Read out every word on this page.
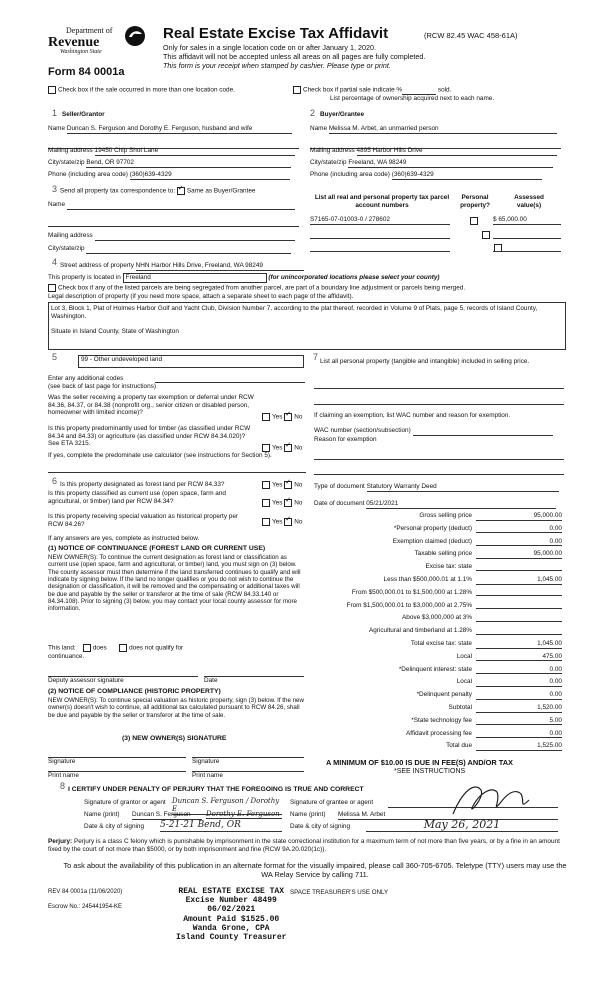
Department of
Revenue
Washington State
Form 84 0001a
Real Estate Excise Tax Affidavit	(RCW 82.45 WAC 458-61A)
Only for sales in a single location code on or after January 1, 2020.
This affidavit will not be accepted unless all areas on all pages are fully completed.
This form is your receipt when stamped by cashier. Please type or print.
Check box if the sale occurred in more than one location code.	Check box if partial sale indicate %	sold.
List percentage of ownership acquired next to each name.
1 Seller/Grantor
Name Duncan S. Ferguson and Dorothy E. Ferguson, husband and wife

Mailing address 19450 Chip Shot Lane
City/state/zip Bend, OR 97702
Phone (including area code) (360)639-4329
2 Buyer/Grantee
Name Melissa M. Arbet, an unmarried person

Mailing address 4895 Harbor Hills Drive
City/state/zip Freeland, WA 98249
Phone (including area code) (360)639-4329
3 Send all property tax correspondence to: ✓ Same as Buyer/Grantee
Name

Mailing address
City/state/zip
List all real and personal property tax parcel account numbers
Personal property?
Assessed value(s)
S7165-07-01003-0 / 278602
	$ 65,000.00

4 Street address of property NHN Harbor Hills Drive, Freeland, WA 98249
This property is located in Freeland	(for unincorporated locations please select your county)
Check box if any of the listed parcels are being segregated from another parcel, are part of a boundary line adjustment or parcels being merged.
Legal description of property (if you need more space, attach a separate sheet to each page of the affidavit).
Lot 3, Block 1, Plat of Holmes Harbor Golf and Yacht Club, Division Number 7, according to the plat thereof, recorded in Volume 9 of Plats, page 5, records of Island County, Washington.
Situate in Island County, State of Washington
5	99 - Other undeveloped land
Enter any additional codes

(see back of last page for instructions)
Was the seller receiving a property tax exemption or deferral under RCW 84.36, 84.37, or 84.38 (nonprofit org., senior citizen or disabled person, homeowner with limited income)?
Yes ✓ No
Is this property predominantly used for timber (as classified under RCW 84.34 and 84.33) or agriculture (as classified under RCW 84.34.020)? See ETA 3215.
Yes ✓ No
If yes, complete the predominate use calculator (see instructions for Section 5).
6 Is this property designated as forest land per RCW 84.33?	Yes ✓ No
Is this property classified as current use (open space, farm and agricultural, or timber) land per RCW 84.34?	Yes ✓ No
Is this property receiving special valuation as historical property per RCW 84.26?	Yes ✓ No
If any answers are yes, complete as instructed below.
(1) NOTICE OF CONTINUANCE (FOREST LAND OR CURRENT USE)
NEW OWNER(S): To continue the current designation as forest land or classification as current use (open space, farm and agricultural, or timber) land, you must sign on (3) below. The county assessor must then determine if the land transferred continues to qualify and will indicate by signing below. If the land no longer qualifies or you do not wish to continue the designation or classification, it will be removed and the compensating or additional taxes will be due and payable by the seller or transferor at the time of sale (RCW 84.33.140 or 84.34.108). Prior to signing (3) below, you may contact your local county assessor for more information.
This land:	does	does not qualify for
continuance.
Deputy assessor signature	Date
(2) NOTICE OF COMPLIANCE (HISTORIC PROPERTY)
NEW OWNER(S): To continue special valuation as historic property, sign (3) below. If the new owner(s) doesn't wish to continue, all additional tax calculated pursuant to RCW 84.26, shall be due and payable by the seller or transferor at the time of sale.
(3) NEW OWNER(S) SIGNATURE
Signature	Signature
Print name	Print name
7 List all personal property (tangible and intangible) included in selling price.

If claiming an exemption, list WAC number and reason for exemption.
WAC number (section/subsection)
Reason for exemption

Type of document Statutory Warranty Deed
Date of document 05/21/2021
Gross selling price	95,000.00
*Personal property (deduct)	0.00
Exemption claimed (deduct)	0.00
Taxable selling price	95,000.00
Excise tax: state
Less than $500,000.01 at 1.1%	1,045.00
From $500,000.01 to $1,500,000 at 1.28%
From $1,500,000.01 to $3,000,000 at 2.75%
Above $3,000,000 at 3%
Agricultural and timberland at 1.28%
Total excise tax: state	1,045.00
Local	475.00
*Delinquent interest: state	0.00
Local	0.00
*Delinquent penalty	0.00
Subtotal	1,520.00
*State technology fee	5.00
Affidavit processing fee	0.00
Total due	1,525.00
A MINIMUM OF $10.00 IS DUE IN FEE(S) AND/OR TAX
*SEE INSTRUCTIONS
8 I CERTIFY UNDER PENALTY OF PERJURY THAT THE FOREGOING IS TRUE AND CORRECT
Signature of grantor or agent Duncan S. Ferguson / Dorothy E
Name (print) Duncan S. Ferguson	Dorothy E. Ferguson
Date & city of signing 5-21-21 Bend, OR
Signature of grantee or agent

Name (print) Melissa M. Arbet
Date & city of signing	May 26, 2021
Perjury: Perjury is a class C felony which is punishable by imprisonment in the state correctional institution for a maximum term of not more than five years, or by a fine in an amount fixed by the court of not more than $5000, or by both imprisonment and fine (RCW 9A.20.020(1c)).
To ask about the availability of this publication in an alternate format for the visually impaired, please call 360-705-6705. Teletype (TTY) users may use the WA Relay Service by calling 711.
REV 84 0001a (11/06/2020)
Escrow No.: 245441954-KE
REAL ESTATE EXCISE TAX
Excise Number 48499
06/02/2021
Amount Paid $1525.00
Wanda Grone, CPA
Island County Treasurer
SPACE TREASURER'S USE ONLY
